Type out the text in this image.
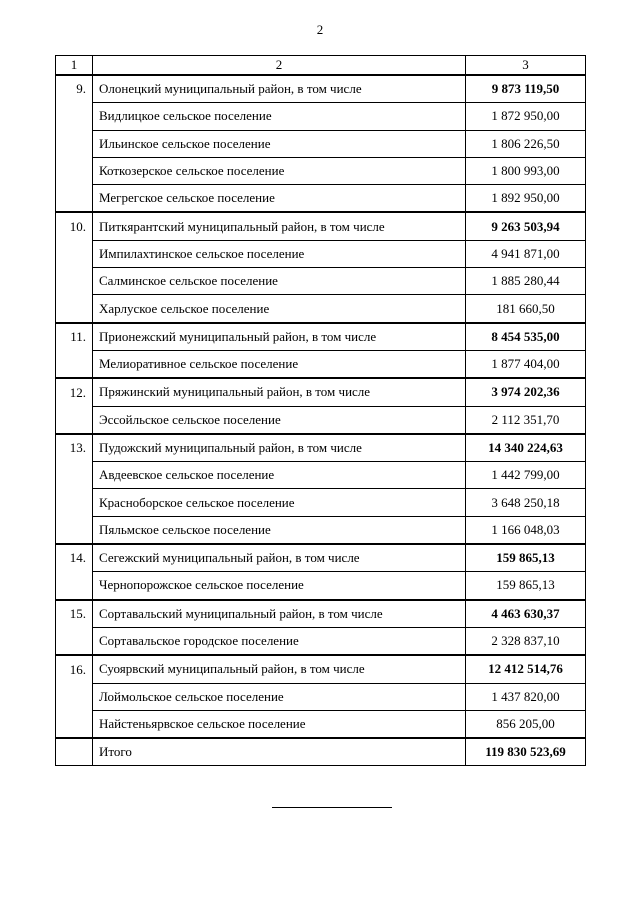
2
1	2	3
9.	Олонецкий муниципальный район, в том числе	9 873 119,50
	Видлицкое сельское поселение	1 872 950,00
	Ильинское сельское поселение	1 806 226,50
	Коткозерское сельское поселение	1 800 993,00
	Мегрегское сельское поселение	1 892 950,00
10.	Питкярантский муниципальный район, в том числе	9 263 503,94
	Импилахтинское сельское поселение	4 941 871,00
	Салминское сельское поселение	1 885 280,44
	Харлуское сельское поселение	181 660,50
11.	Прионежский муниципальный район, в том числе	8 454 535,00
	Мелиоративное сельское поселение	1 877 404,00
12.	Пряжинский муниципальный район, в том числе	3 974 202,36
	Эссойльское сельское поселение	2 112 351,70
13.	Пудожский муниципальный район, в том числе	14 340 224,63
	Авдеевское сельское поселение	1 442 799,00
	Красноборское сельское поселение	3 648 250,18
	Пяльмское сельское поселение	1 166 048,03
14.	Сегежский муниципальный район, в том числе	159 865,13
	Чернопорожское сельское поселение	159 865,13
15.	Сортавальский муниципальный район, в том числе	4 463 630,37
	Сортавальское городское поселение	2 328 837,10
16.	Суоярвский муниципальный район, в том числе	12 412 514,76
	Лоймольское сельское поселение	1 437 820,00
	Найстеньярвское сельское поселение	856 205,00
	Итого	119 830 523,69
